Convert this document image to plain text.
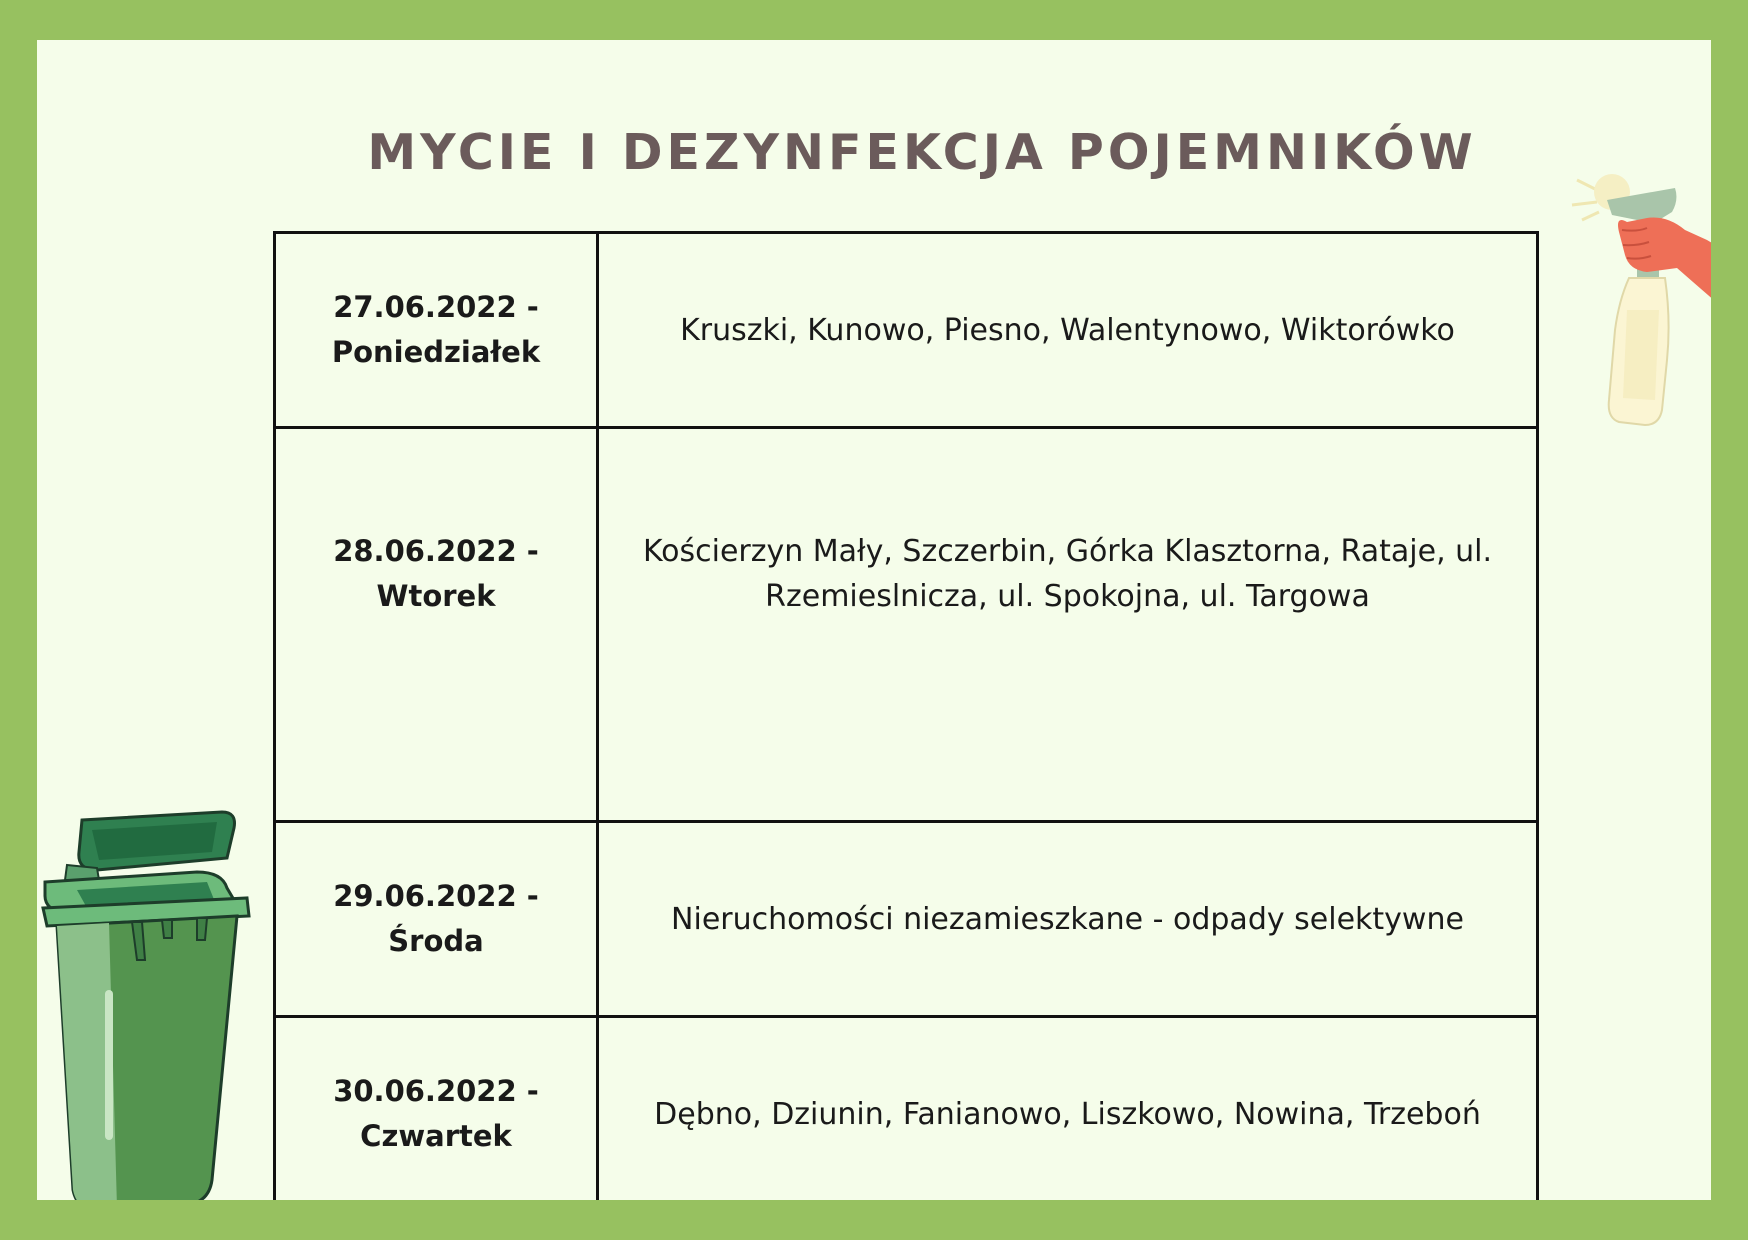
MYCIE I DEZYNFEKCJA POJEMNIKÓW
27.06.2022 -
Poniedziałek	Kruszki, Kunowo, Piesno, Walentynowo, Wiktorówko

28.06.2022 -
Wtorek	Kościerzyn Mały, Szczerbin, Górka Klasztorna, Rataje, ul.
Rzemieslnicza, ul. Spokojna, ul. Targowa

29.06.2022 -
Środa	Nieruchomości niezamieszkane - odpady selektywne

30.06.2022 -
Czwartek	Dębno, Dziunin, Fanianowo, Liszkowo, Nowina, Trzeboń
